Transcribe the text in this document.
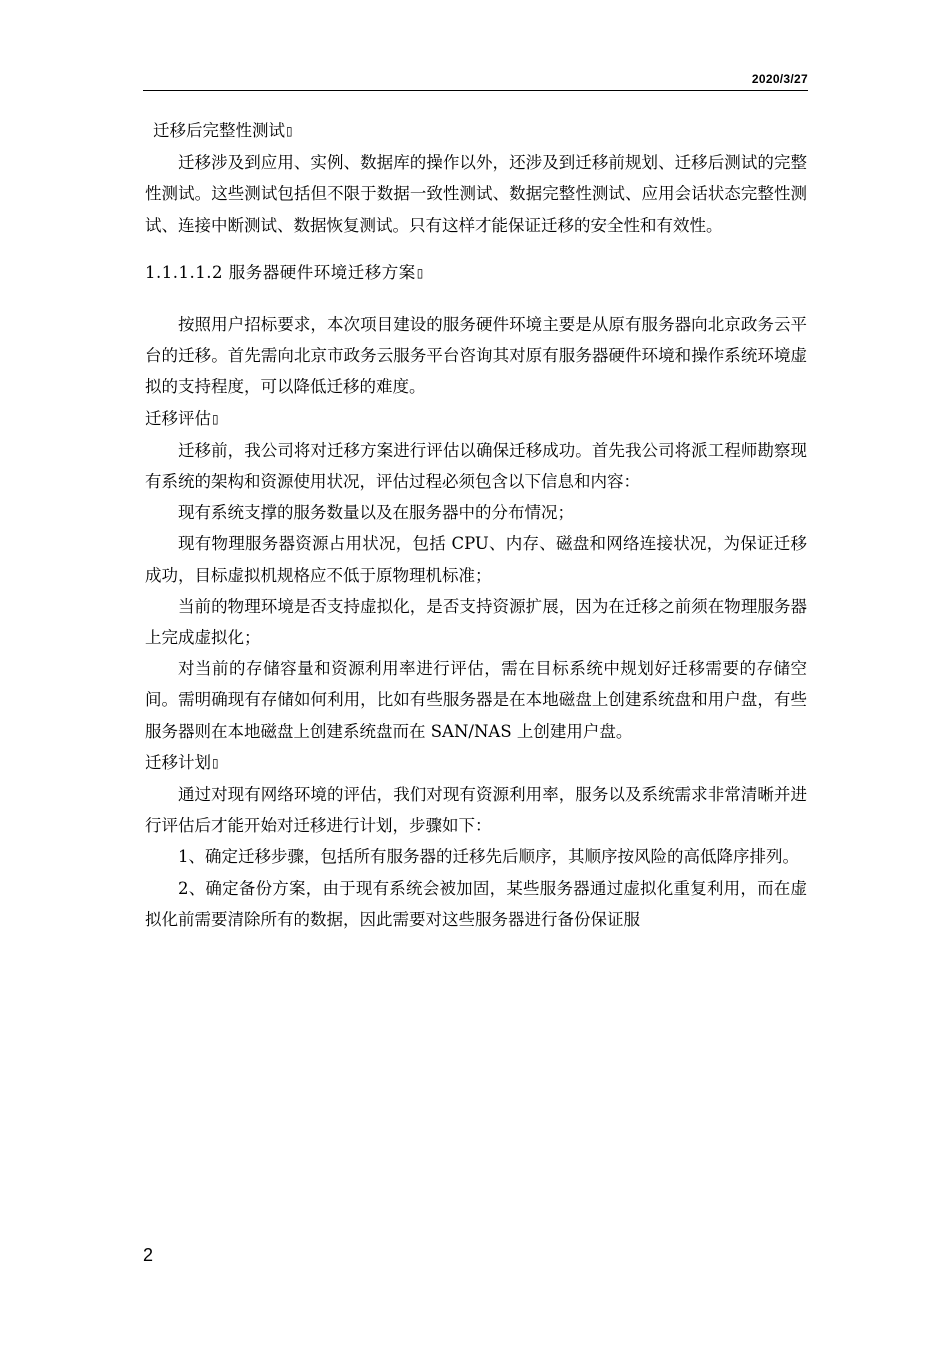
2020/3/27

迁移后完整性测试▯

迁移涉及到应用、实例、数据库的操作以外，还涉及到迁移前规划、迁移后测试的完整性测试。这些测试包括但不限于数据一致性测试、数据完整性测试、应用会话状态完整性测试、连接中断测试、数据恢复测试。只有这样才能保证迁移的安全性和有效性。

1.1.1.1.2 服务器硬件环境迁移方案▯

按照用户招标要求，本次项目建设的服务硬件环境主要是从原有服务器向北京政务云平台的迁移。首先需向北京市政务云服务平台咨询其对原有服务器硬件环境和操作系统环境虚拟的支持程度，可以降低迁移的难度。

迁移评估▯

迁移前，我公司将对迁移方案进行评估以确保迁移成功。首先我公司将派工程师勘察现有系统的架构和资源使用状况，评估过程必须包含以下信息和内容：

现有系统支撑的服务数量以及在服务器中的分布情况；

现有物理服务器资源占用状况，包括 CPU、内存、磁盘和网络连接状况，为保证迁移成功，目标虚拟机规格应不低于原物理机标准；

当前的物理环境是否支持虚拟化，是否支持资源扩展，因为在迁移之前须在物理服务器上完成虚拟化；

对当前的存储容量和资源利用率进行评估，需在目标系统中规划好迁移需要的存储空间。需明确现有存储如何利用，比如有些服务器是在本地磁盘上创建系统盘和用户盘，有些服务器则在本地磁盘上创建系统盘而在 SAN/NAS 上创建用户盘。

迁移计划▯

通过对现有网络环境的评估，我们对现有资源利用率，服务以及系统需求非常清晰并进行评估后才能开始对迁移进行计划，步骤如下：

1、确定迁移步骤，包括所有服务器的迁移先后顺序，其顺序按风险的高低降序排列。

2、确定备份方案，由于现有系统会被加固，某些服务器通过虚拟化重复利用，而在虚拟化前需要清除所有的数据，因此需要对这些服务器进行备份保证服

2
